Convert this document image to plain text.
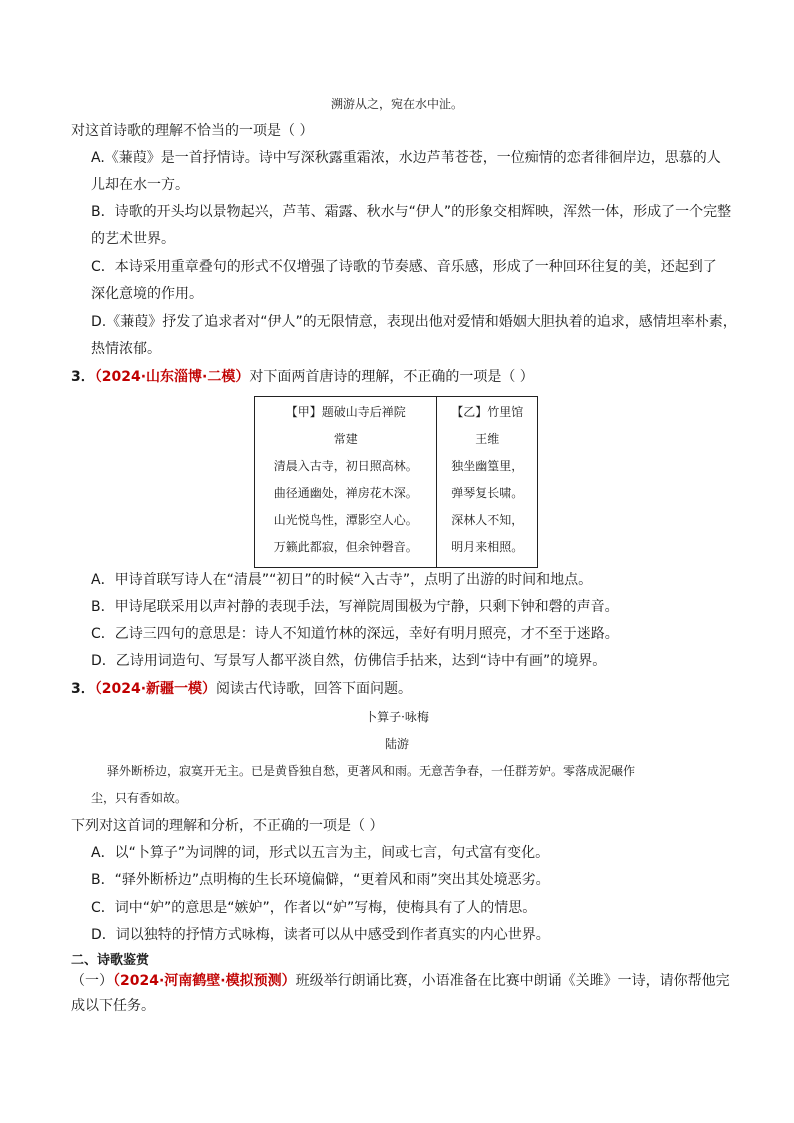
溯游从之，宛在水中沚。
对这首诗歌的理解不恰当的一项是（ ）
A.《蒹葭》是一首抒情诗。诗中写深秋露重霜浓，水边芦苇苍苍，一位痴情的恋者徘徊岸边，思慕的人
儿却在水一方。
B．诗歌的开头均以景物起兴，芦苇、霜露、秋水与“伊人”的形象交相辉映，浑然一体，形成了一个完整
的艺术世界。
C．本诗采用重章叠句的形式不仅增强了诗歌的节奏感、音乐感，形成了一种回环往复的美，还起到了
深化意境的作用。
D.《蒹葭》抒发了追求者对“伊人”的无限情意，表现出他对爱情和婚姻大胆执着的追求，感情坦率朴素，
热情浓郁。
3．（2024·山东淄博·二模）对下面两首唐诗的理解，不正确的一项是（ ）
【甲】题破山寺后禅院
常建
清晨入古寺，初日照高林。
曲径通幽处，禅房花木深。
山光悦鸟性，潭影空人心。
万籁此都寂，但余钟磬音。

【乙】竹里馆
王维
独坐幽篁里，
弹琴复长啸。
深林人不知，
明月来相照。
A．甲诗首联写诗人在“清晨”“初日”的时候“入古寺”，点明了出游的时间和地点。
B．甲诗尾联采用以声衬静的表现手法，写禅院周围极为宁静，只剩下钟和磬的声音。
C．乙诗三四句的意思是：诗人不知道竹林的深远，幸好有明月照亮，才不至于迷路。
D．乙诗用词造句、写景写人都平淡自然，仿佛信手拈来，达到“诗中有画”的境界。
3．（2024·新疆一模）阅读古代诗歌，回答下面问题。
卜算子·咏梅
陆游
驿外断桥边，寂寞开无主。已是黄昏独自愁，更著风和雨。无意苦争春，一任群芳妒。零落成泥碾作
尘，只有香如故。
下列对这首词的理解和分析，不正确的一项是（ ）
A．以“卜算子”为词牌的词，形式以五言为主，间或七言，句式富有变化。
B．“驿外断桥边”点明梅的生长环境偏僻，“更着风和雨”突出其处境恶劣。
C．词中“妒”的意思是“嫉妒”，作者以“妒”写梅，使梅具有了人的情思。
D．词以独特的抒情方式咏梅，读者可以从中感受到作者真实的内心世界。
二、诗歌鉴赏
（一）（2024·河南鹤壁·模拟预测）班级举行朗诵比赛，小语准备在比赛中朗诵《关雎》一诗，请你帮他完
成以下任务。
